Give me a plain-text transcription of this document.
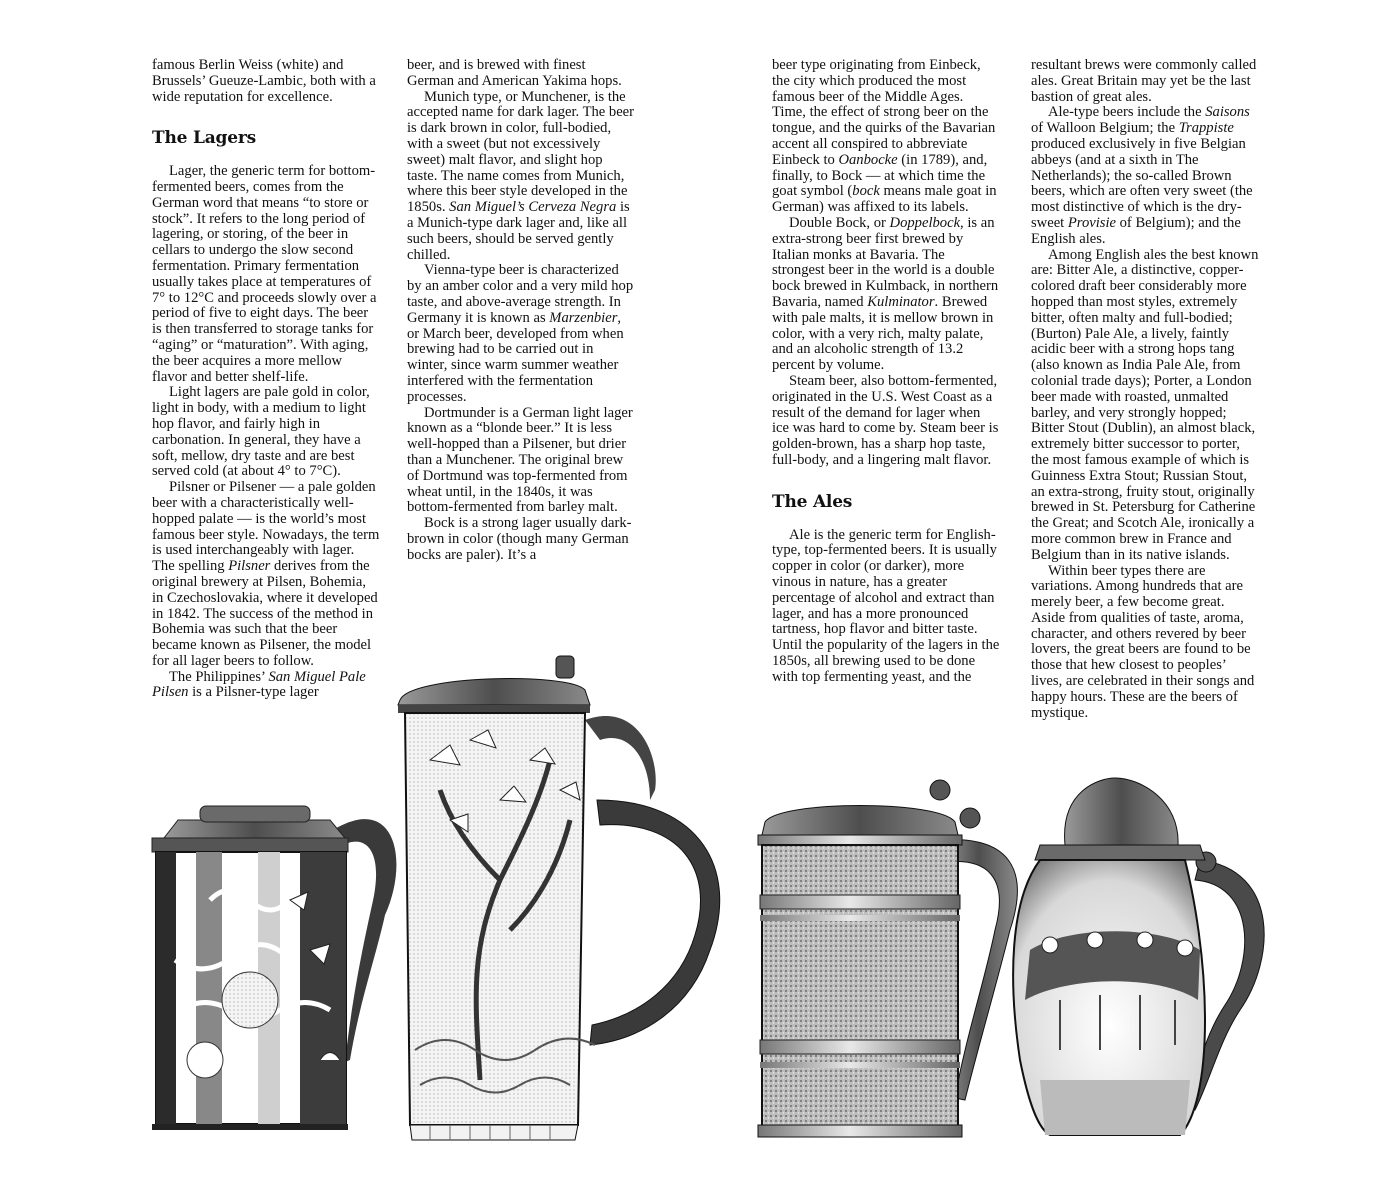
famous Berlin Weiss (white) and Brussels’ Gueuze-Lambic, both with a wide reputation for excellence.

The Lagers

Lager, the generic term for bottom-fermented beers, comes from the German word that means “to store or stock”. It refers to the long period of lagering, or storing, of the beer in cellars to undergo the slow second fermentation. Primary fermentation usually takes place at temperatures of 7° to 12°C and proceeds slowly over a period of five to eight days. The beer is then transferred to storage tanks for “aging” or “maturation”. With aging, the beer acquires a more mellow flavor and better shelf-life.

Light lagers are pale gold in color, light in body, with a medium to light hop flavor, and fairly high in carbonation. In general, they have a soft, mellow, dry taste and are best served cold (at about 4° to 7°C).

Pilsner or Pilsener — a pale golden beer with a characteristically well-hopped palate — is the world’s most famous beer style. Nowadays, the term is used interchangeably with lager. The spelling Pilsner derives from the original brewery at Pilsen, Bohemia, in Czechoslovakia, where it developed in 1842. The success of the method in Bohemia was such that the beer became known as Pilsener, the model for all lager beers to follow.

The Philippines’ San Miguel Pale Pilsen is a Pilsner-type lager

beer, and is brewed with finest German and American Yakima hops.

Munich type, or Munchener, is the accepted name for dark lager. The beer is dark brown in color, full-bodied, with a sweet (but not excessively sweet) malt flavor, and slight hop taste. The name comes from Munich, where this beer style developed in the 1850s. San Miguel’s Cerveza Negra is a Munich-type dark lager and, like all such beers, should be served gently chilled.

Vienna-type beer is characterized by an amber color and a very mild hop taste, and above-average strength. In Germany it is known as Marzenbier, or March beer, developed from when brewing had to be carried out in winter, since warm summer weather interfered with the fermentation processes.

Dortmunder is a German light lager known as a “blonde beer.” It is less well-hopped than a Pilsener, but drier than a Munchener. The original brew of Dortmund was top-fermented from wheat until, in the 1840s, it was bottom-fermented from barley malt.

Bock is a strong lager usually dark-brown in color (though many German bocks are paler). It’s a

beer type originating from Einbeck, the city which produced the most famous beer of the Middle Ages. Time, the effect of strong beer on the tongue, and the quirks of the Bavarian accent all conspired to abbreviate Einbeck to Oanbocke (in 1789), and, finally, to Bock — at which time the goat symbol (bock means male goat in German) was affixed to its labels.

Double Bock, or Doppelbock, is an extra-strong beer first brewed by Italian monks at Bavaria. The strongest beer in the world is a double bock brewed in Kulmback, in northern Bavaria, named Kulminator. Brewed with pale malts, it is mellow brown in color, with a very rich, malty palate, and an alcoholic strength of 13.2 percent by volume.

Steam beer, also bottom-fermented, originated in the U.S. West Coast as a result of the demand for lager when ice was hard to come by. Steam beer is golden-brown, has a sharp hop taste, full-body, and a lingering malt flavor.

The Ales

Ale is the generic term for English-type, top-fermented beers. It is usually copper in color (or darker), more vinous in nature, has a greater percentage of alcohol and extract than lager, and has a more pronounced tartness, hop flavor and bitter taste. Until the popularity of the lagers in the 1850s, all brewing used to be done with top fermenting yeast, and the

resultant brews were commonly called ales. Great Britain may yet be the last bastion of great ales.

Ale-type beers include the Saisons of Walloon Belgium; the Trappiste produced exclusively in five Belgian abbeys (and at a sixth in The Netherlands); the so-called Brown beers, which are often very sweet (the most distinctive of which is the dry-sweet Provisie of Belgium); and the English ales.

Among English ales the best known are: Bitter Ale, a distinctive, copper-colored draft beer considerably more hopped than most styles, extremely bitter, often malty and full-bodied; (Burton) Pale Ale, a lively, faintly acidic beer with a strong hops tang (also known as India Pale Ale, from colonial trade days); Porter, a London beer made with roasted, unmalted barley, and very strongly hopped; Bitter Stout (Dublin), an almost black, extremely bitter successor to porter, the most famous example of which is Guinness Extra Stout; Russian Stout, an extra-strong, fruity stout, originally brewed in St. Petersburg for Catherine the Great; and Scotch Ale, ironically a more common brew in France and Belgium than in its native islands.

Within beer types there are variations. Among hundreds that are merely beer, a few become great. Aside from qualities of taste, aroma, character, and others revered by beer lovers, the great beers are found to be those that hew closest to peoples’ lives, are celebrated in their songs and happy hours. These are the beers of mystique.
